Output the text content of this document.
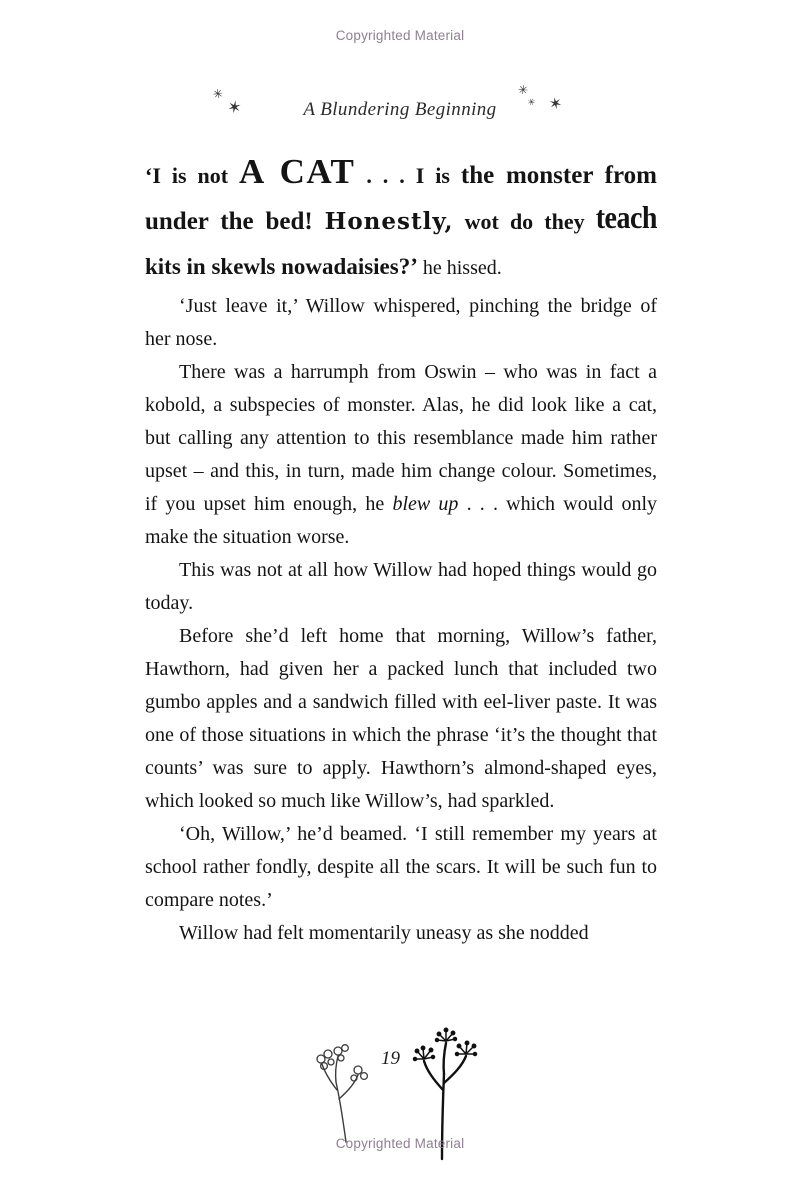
Copyrighted Material
✳
✶	A Blundering Beginning
✳
✶
✳

‘I is not A CAT . . . I is the monster from under the bed! Honestly, wot do they teach kits in skewls nowadaisies?’ he hissed.

‘Just leave it,’ Willow whispered, pinching the bridge of her nose.

There was a harrumph from Oswin – who was in fact a kobold, a subspecies of monster. Alas, he did look like a cat, but calling any attention to this resemblance made him rather upset – and this, in turn, made him change colour. Sometimes, if you upset him enough, he blew up . . . which would only make the situation worse.

This was not at all how Willow had hoped things would go today.

Before she’d left home that morning, Willow’s father, Hawthorn, had given her a packed lunch that included two gumbo apples and a sandwich filled with eel-liver paste. It was one of those situations in which the phrase ‘it’s the thought that counts’ was sure to apply. Hawthorn’s almond-shaped eyes, which looked so much like Willow’s, had sparkled.

‘Oh, Willow,’ he’d beamed. ‘I still remember my years at school rather fondly, despite all the scars. It will be such fun to compare notes.’

Willow had felt momentarily uneasy as she nodded

19
Copyrighted Material
